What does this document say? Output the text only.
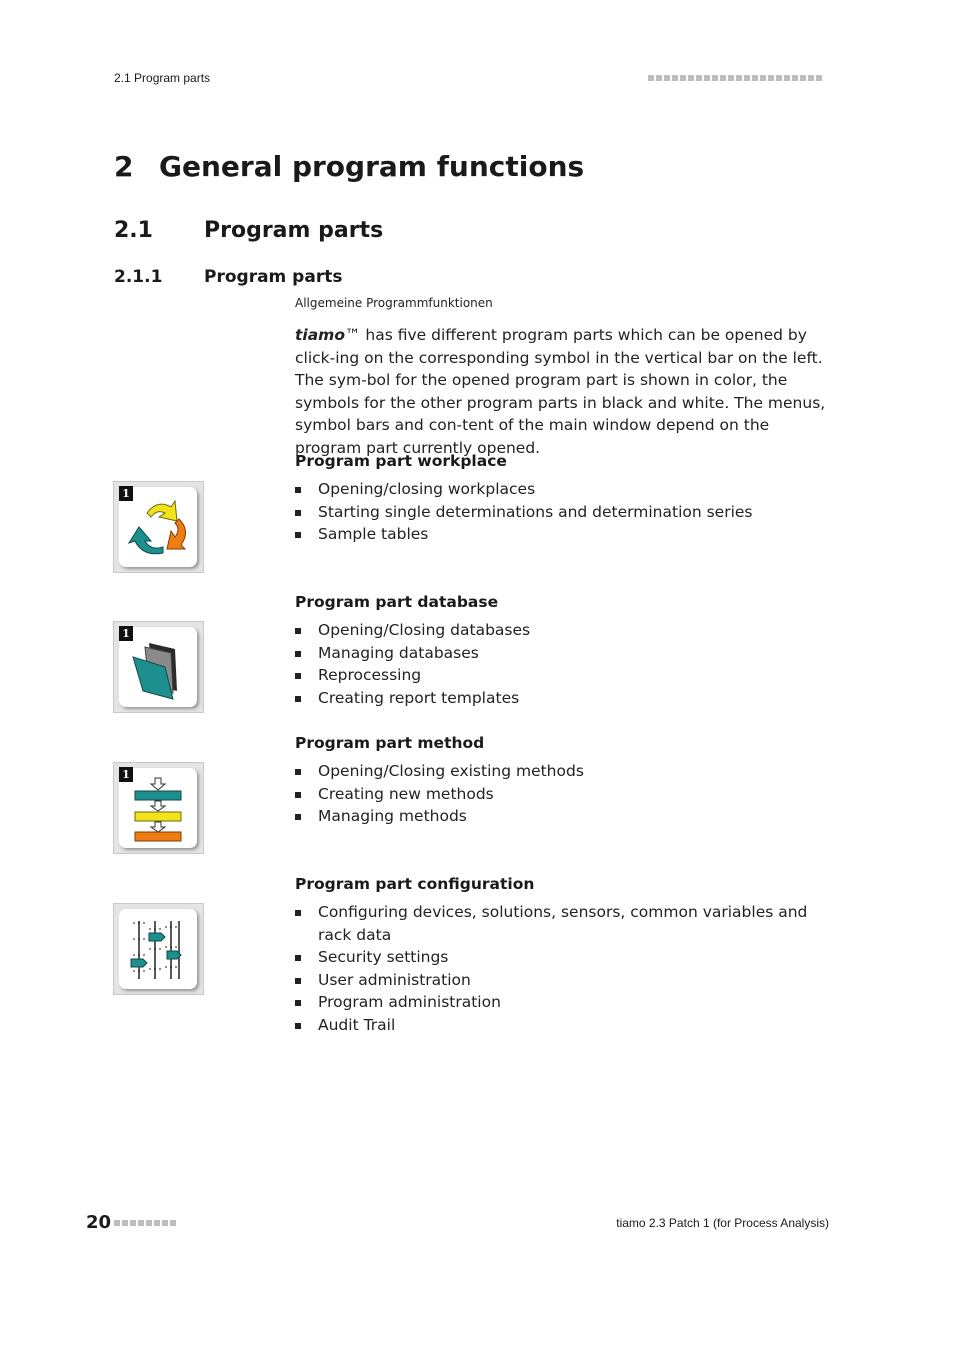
2.1 Program parts
2 General program functions
2.1 Program parts
2.1.1 Program parts
Allgemeine Programmfunktionen
tiamo™ has five different program parts which can be opened by click-ing on the corresponding symbol in the vertical bar on the left. The sym-bol for the opened program part is shown in color, the symbols for the other program parts in black and white. The menus, symbol bars and con-tent of the main window depend on the program part currently opened.
Program part workplace
1	Opening/closing workplaces
Starting single determinations and determination series
Sample tables
Program part database
1	Opening/Closing databases
Managing databases
Reprocessing
Creating report templates
Program part method
1	Opening/Closing existing methods
Creating new methods
Managing methods
Program part configuration
Configuring devices, solutions, sensors, common variables and rack data
Security settings
User administration
Program administration
Audit Trail
20	tiamo 2.3 Patch 1 (for Process Analysis)
